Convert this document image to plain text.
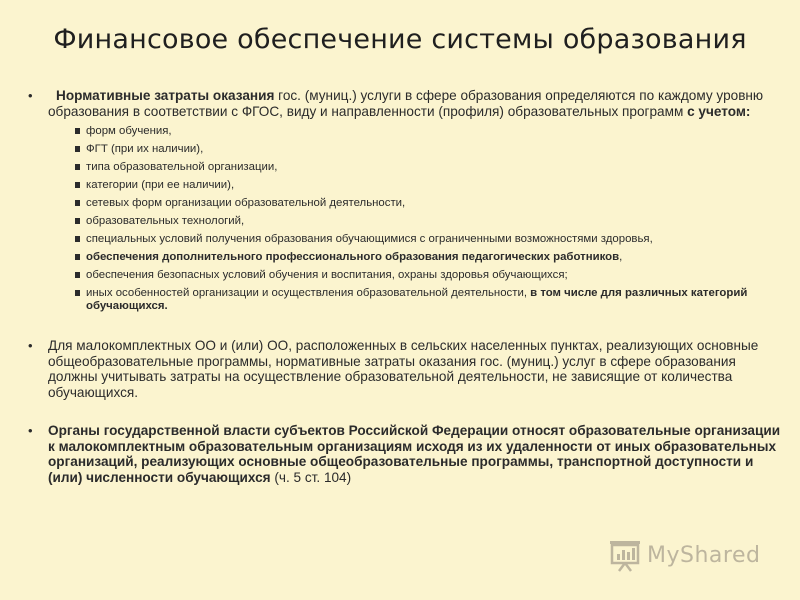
Финансовое обеспечение системы образования
• Нормативные затраты оказания гос. (муниц.) услуги в сфере образования определяются по каждому уровню образования в соответствии с ФГОС, виду и направленности (профиля) образовательных программ с учетом:
форм обучения,
ФГТ (при их наличии),
типа образовательной организации,
категории (при ее наличии),
сетевых форм организации образовательной деятельности,
образовательных технологий,
специальных условий получения образования обучающимися с ограниченными возможностями здоровья,
обеспечения дополнительного профессионального образования педагогических работников,
обеспечения безопасных условий обучения и воспитания, охраны здоровья обучающихся;
иных особенностей организации и осуществления образовательной деятельности, в том числе для различных категорий обучающихся.
• Для малокомплектных ОО и (или) ОО, расположенных в сельских населенных пунктах, реализующих основные общеобразовательные программы, нормативные затраты оказания гос. (муниц.) услуг в сфере образования должны учитывать затраты на осуществление образовательной деятельности, не зависящие от количества обучающихся.
• Органы государственной власти субъектов Российской Федерации относят образовательные организации к малокомплектным образовательным организациям исходя из их удаленности от иных образовательных организаций, реализующих основные общеобразовательные программы, транспортной доступности и (или) численности обучающихся (ч. 5 ст. 104)
MyShared
